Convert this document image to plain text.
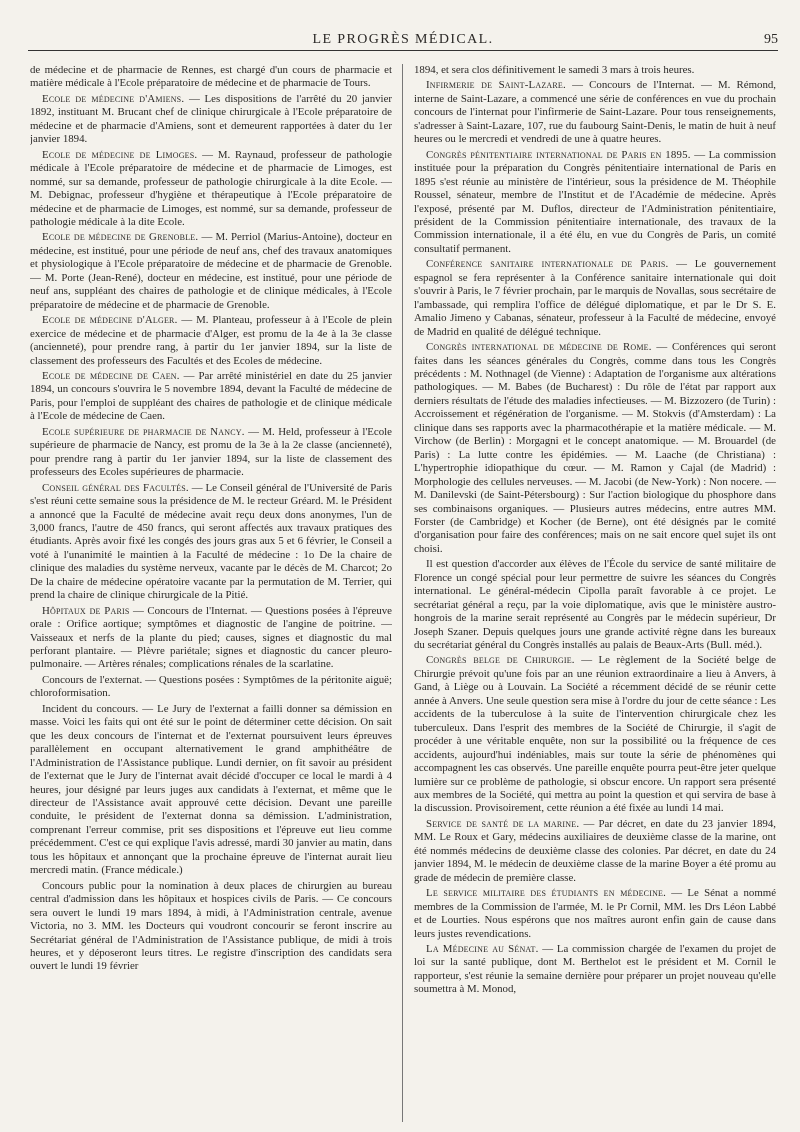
LE PROGRÈS MÉDICAL.	95

de médecine et de pharmacie de Rennes, est chargé d'un cours de pharmacie et matière médicale à l'Ecole préparatoire de médecine et de pharmacie de Tours.

Ecole de médecine d'Amiens. — Les dispositions de l'arrêté du 20 janvier 1892, instituant M. Brucant chef de clinique chirurgicale à l'Ecole préparatoire de médecine et de pharmacie d'Amiens, sont et demeurent rapportées à dater du 1er janvier 1894.

Ecole de médecine de Limoges. — M. Raynaud, professeur de pathologie médicale à l'Ecole préparatoire de médecine et de pharmacie de Limoges, est nommé, sur sa demande, professeur de pathologie chirurgicale à la dite Ecole. — M. Debignac, professeur d'hygiène et thérapeutique à l'Ecole préparatoire de médecine et de pharmacie de Limoges, est nommé, sur sa demande, professeur de pathologie médicale à la dite Ecole.

Ecole de médecine de Grenoble. — M. Perriol (Marius-Antoine), docteur en médecine, est institué, pour une période de neuf ans, chef des travaux anatomiques et physiologique à l'Ecole préparatoire de médecine et de pharmacie de Grenoble. — M. Porte (Jean-René), docteur en médecine, est institué, pour une période de neuf ans, suppléant des chaires de pathologie et de clinique médicales, à l'Ecole préparatoire de médecine et de pharmacie de Grenoble.

Ecole de médecine d'Alger. — M. Planteau, professeur à à l'Ecole de plein exercice de médecine et de pharmacie d'Alger, est promu de la 4e à la 3e classe (ancienneté), pour prendre rang, à partir du 1er janvier 1894, sur la liste de classement des professeurs des Facultés et des Ecoles de médecine.

Ecole de médecine de Caen. — Par arrêté ministériel en date du 25 janvier 1894, un concours s'ouvrira le 5 novembre 1894, devant la Faculté de médecine de Paris, pour l'emploi de suppléant des chaires de pathologie et de clinique médicale à l'Ecole de médecine de Caen.

Ecole supérieure de pharmacie de Nancy. — M. Held, professeur à l'Ecole supérieure de pharmacie de Nancy, est promu de la 3e à la 2e classe (ancienneté), pour prendre rang à partir du 1er janvier 1894, sur la liste de classement des professeurs des Ecoles supérieures de pharmacie.

Conseil général des Facultés. — Le Conseil général de l'Université de Paris s'est réuni cette semaine sous la présidence de M. le recteur Gréard. M. le Président a annoncé que la Faculté de médecine avait reçu deux dons anonymes, l'un de 3,000 francs, l'autre de 450 francs, qui seront affectés aux travaux pratiques des étudiants. Après avoir fixé les congés des jours gras aux 5 et 6 février, le Conseil a voté à l'unanimité le maintien à la Faculté de médecine : 1o De la chaire de clinique des maladies du système nerveux, vacante par le décès de M. Charcot; 2o De la chaire de médecine opératoire vacante par la permutation de M. Terrier, qui prend la chaire de clinique chirurgicale de la Pitié.

Hôpitaux de Paris — Concours de l'Internat. — Questions posées à l'épreuve orale : Orifice aortique; symptômes et diagnostic de l'angine de poitrine. — Vaisseaux et nerfs de la plante du pied; causes, signes et diagnostic du mal perforant plantaire. — Plèvre pariétale; signes et diagnostic du cancer pleuro-pulmonaire. — Artères rénales; complications rénales de la scarlatine.

Concours de l'externat. — Questions posées : Symptômes de la péritonite aiguë; chloroformisation.

Incident du concours. — Le Jury de l'externat a failli donner sa démission en masse. Voici les faits qui ont été sur le point de déterminer cette décision. On sait que les deux concours de l'internat et de l'externat poursuivent leurs épreuves parallèlement en occupant alternativement le grand amphithéâtre de l'Administration de l'Assistance publique. Lundi dernier, on fit savoir au président de l'externat que le Jury de l'internat avait décidé d'occuper ce local le mardi à 4 heures, jour désigné par leurs juges aux candidats à l'externat, et même que le directeur de l'Assistance avait approuvé cette décision. Devant une pareille conduite, le président de l'externat donna sa démission. L'administration, comprenant l'erreur commise, prit ses dispositions et l'épreuve eut lieu comme précédemment. C'est ce qui explique l'avis adressé, mardi 30 janvier au matin, dans tous les hôpitaux et annonçant que la prochaine épreuve de l'internat aurait lieu mercredi matin. (France médicale.)

Concours public pour la nomination à deux places de chirurgien au bureau central d'admission dans les hôpitaux et hospices civils de Paris. — Ce concours sera ouvert le lundi 19 mars 1894, à midi, à l'Administration centrale, avenue Victoria, no 3. MM. les Docteurs qui voudront concourir se feront inscrire au Secrétariat général de l'Administration de l'Assistance publique, de midi à trois heures, et y déposeront leurs titres. Le registre d'inscription des candidats sera ouvert le lundi 19 février

1894, et sera clos définitivement le samedi 3 mars à trois heures.

Infirmerie de Saint-Lazare. — Concours de l'Internat. — M. Rémond, interne de Saint-Lazare, a commencé une série de conférences en vue du prochain concours de l'internat pour l'infirmerie de Saint-Lazare. Pour tous renseignements, s'adresser à Saint-Lazare, 107, rue du faubourg Saint-Denis, le matin de huit à neuf heures ou le mercredi et vendredi de une à quatre heures.

Congrès pénitentiaire international de Paris en 1895. — La commission instituée pour la préparation du Congrès pénitentiaire international de Paris en 1895 s'est réunie au ministère de l'intérieur, sous la présidence de M. Théophile Roussel, sénateur, membre de l'Institut et de l'Académie de médecine. Après l'exposé, présenté par M. Duflos, directeur de l'Administration pénitentiaire, président de la Commission pénitentiaire internationale, des travaux de la Commission internationale, il a été élu, en vue du Congrès de Paris, un comité consultatif permanent.

Conférence sanitaire internationale de Paris. — Le gouvernement espagnol se fera représenter à la Conférence sanitaire internationale qui doit s'ouvrir à Paris, le 7 février prochain, par le marquis de Novallas, sous secrétaire de l'ambassade, qui remplira l'office de délégué diplomatique, et par le Dr S. E. Amalio Jimeno y Cabanas, sénateur, professeur à la Faculté de médecine, envoyé de Madrid en qualité de délégué technique.

Congrès international de médecine de Rome. — Conférences qui seront faites dans les séances générales du Congrès, comme dans tous les Congrès précédents : M. Nothnagel (de Vienne) : Adaptation de l'organisme aux altérations pathologiques. — M. Babes (de Bucharest) : Du rôle de l'état par rapport aux derniers résultats de l'étude des maladies infectieuses. — M. Bizzozero (de Turin) : Accroissement et régénération de l'organisme. — M. Stokvis (d'Amsterdam) : La clinique dans ses rapports avec la pharmacothérapie et la matière médicale. — M. Virchow (de Berlin) : Morgagni et le concept anatomique. — M. Brouardel (de Paris) : La lutte contre les épidémies. — M. Laache (de Christiana) : L'hypertrophie idiopathique du cœur. — M. Ramon y Cajal (de Madrid) : Morphologie des cellules nerveuses. — M. Jacobi (de New-York) : Non nocere. — M. Danilevski (de Saint-Pétersbourg) : Sur l'action biologique du phosphore dans ses combinaisons organiques. — Plusieurs autres médecins, entre autres MM. Forster (de Cambridge) et Kocher (de Berne), ont été désignés par le comité d'organisation pour faire des conférences; mais on ne sait encore quel sujet ils ont choisi.

Il est question d'accorder aux élèves de l'École du service de santé militaire de Florence un congé spécial pour leur permettre de suivre les séances du Congrès international. Le général-médecin Cipolla paraît favorable à ce projet. Le secrétariat général a reçu, par la voie diplomatique, avis que le ministère austro-hongrois de la marine serait représenté au Congrès par le médecin supérieur, Dr Joseph Szaner. Depuis quelques jours une grande activité règne dans les bureaux du secrétariat général du Congrès installés au palais de Beaux-Arts (Bull. méd.).

Congrès belge de Chirurgie. — Le règlement de la Société belge de Chirurgie prévoit qu'une fois par an une réunion extraordinaire a lieu à Anvers, à Gand, à Liège ou à Louvain. La Société a récemment décidé de se réunir cette année à Anvers. Une seule question sera mise à l'ordre du jour de cette séance : Les accidents de la tuberculose à la suite de l'intervention chirurgicale chez les tuberculeux. Dans l'esprit des membres de la Société de Chirurgie, il s'agit de procéder à une véritable enquête, non sur la possibilité ou la fréquence de ces accidents, aujourd'hui indéniables, mais sur toute la série de phénomènes qui accompagnent les cas observés. Une pareille enquête pourra peut-être jeter quelque lumière sur ce problème de pathologie, si obscur encore. Un rapport sera présenté aux membres de la Société, qui mettra au point la question et qui servira de base à la discussion. Provisoirement, cette réunion a été fixée au lundi 14 mai.

Service de santé de la marine. — Par décret, en date du 23 janvier 1894, MM. Le Roux et Gary, médecins auxiliaires de deuxième classe de la marine, ont été nommés médecins de deuxième classe des colonies. Par décret, en date du 24 janvier 1894, M. le médecin de deuxième classe de la marine Boyer a été promu au grade de médecin de première classe.

Le service militaire des étudiants en médecine. — Le Sénat a nommé membres de la Commission de l'armée, M. le Pr Cornil, MM. les Drs Léon Labbé et de Lourties. Nous espérons que nos maîtres auront enfin gain de cause dans leurs justes revendications.

La Médecine au Sénat. — La commission chargée de l'examen du projet de loi sur la santé publique, dont M. Berthelot est le président et M. Cornil le rapporteur, s'est réunie la semaine dernière pour préparer un projet nouveau qu'elle soumettra à M. Monod,
